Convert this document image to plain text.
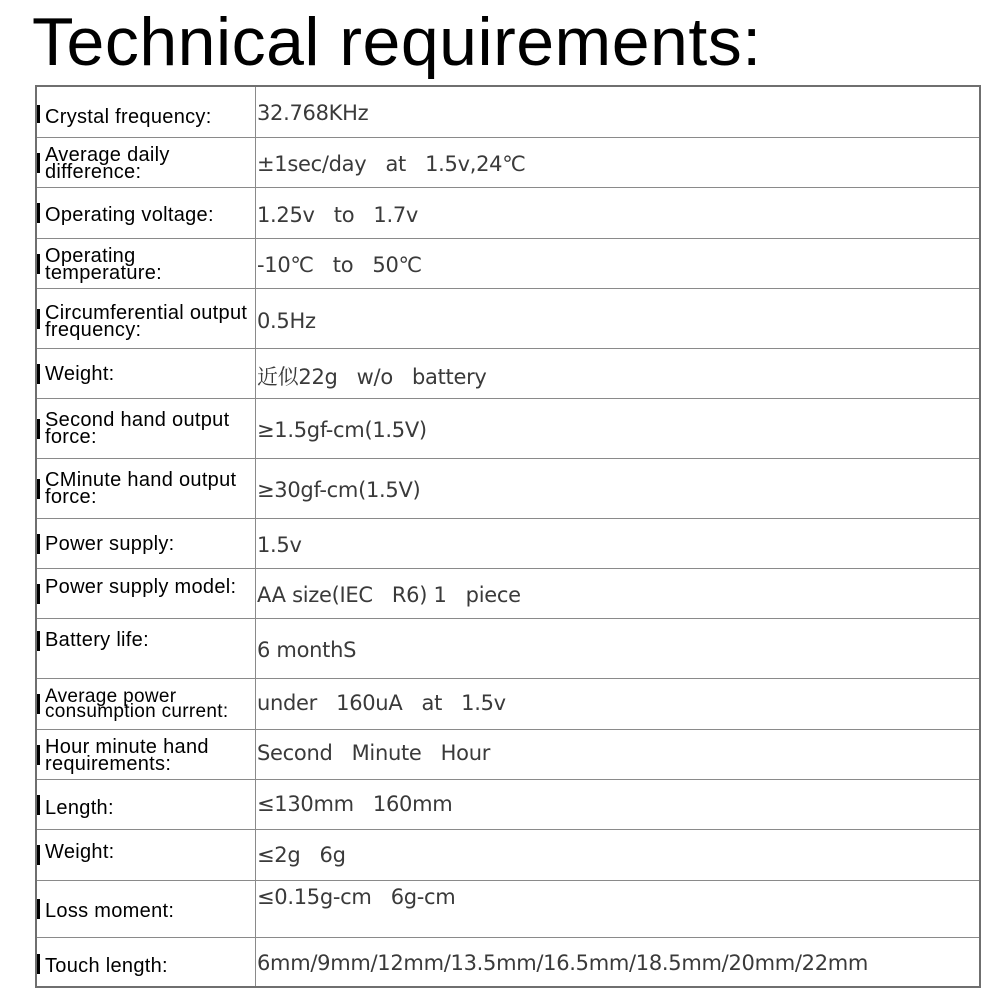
Technical requirements:
Crystal frequency:	32.768KHz
Average daily difference:	±1sec/day   at   1.5v,24℃
Operating voltage:	1.25v   to   1.7v
Operating temperature:	-10℃   to   50℃
Circumferential output frequency:	0.5Hz
Weight:	近似22g   w/o   battery
Second hand output force:	≥1.5gf-cm(1.5V)
CMinute hand output force:	≥30gf-cm(1.5V)
Power supply:	1.5v
Power supply model: AA size(IEC   R6) 1   piece
Battery life:	6 monthS
Average power consumption current:	under   160uA   at   1.5v
Hour minute hand requirements:	Second   Minute   Hour
Length:	≤130mm   160mm
Weight:	≤2g   6g
Loss moment:
≤0.15g-cm   6g-cm
Touch length:	6mm/9mm/12mm/13.5mm/16.5mm/18.5mm/20mm/22mm
